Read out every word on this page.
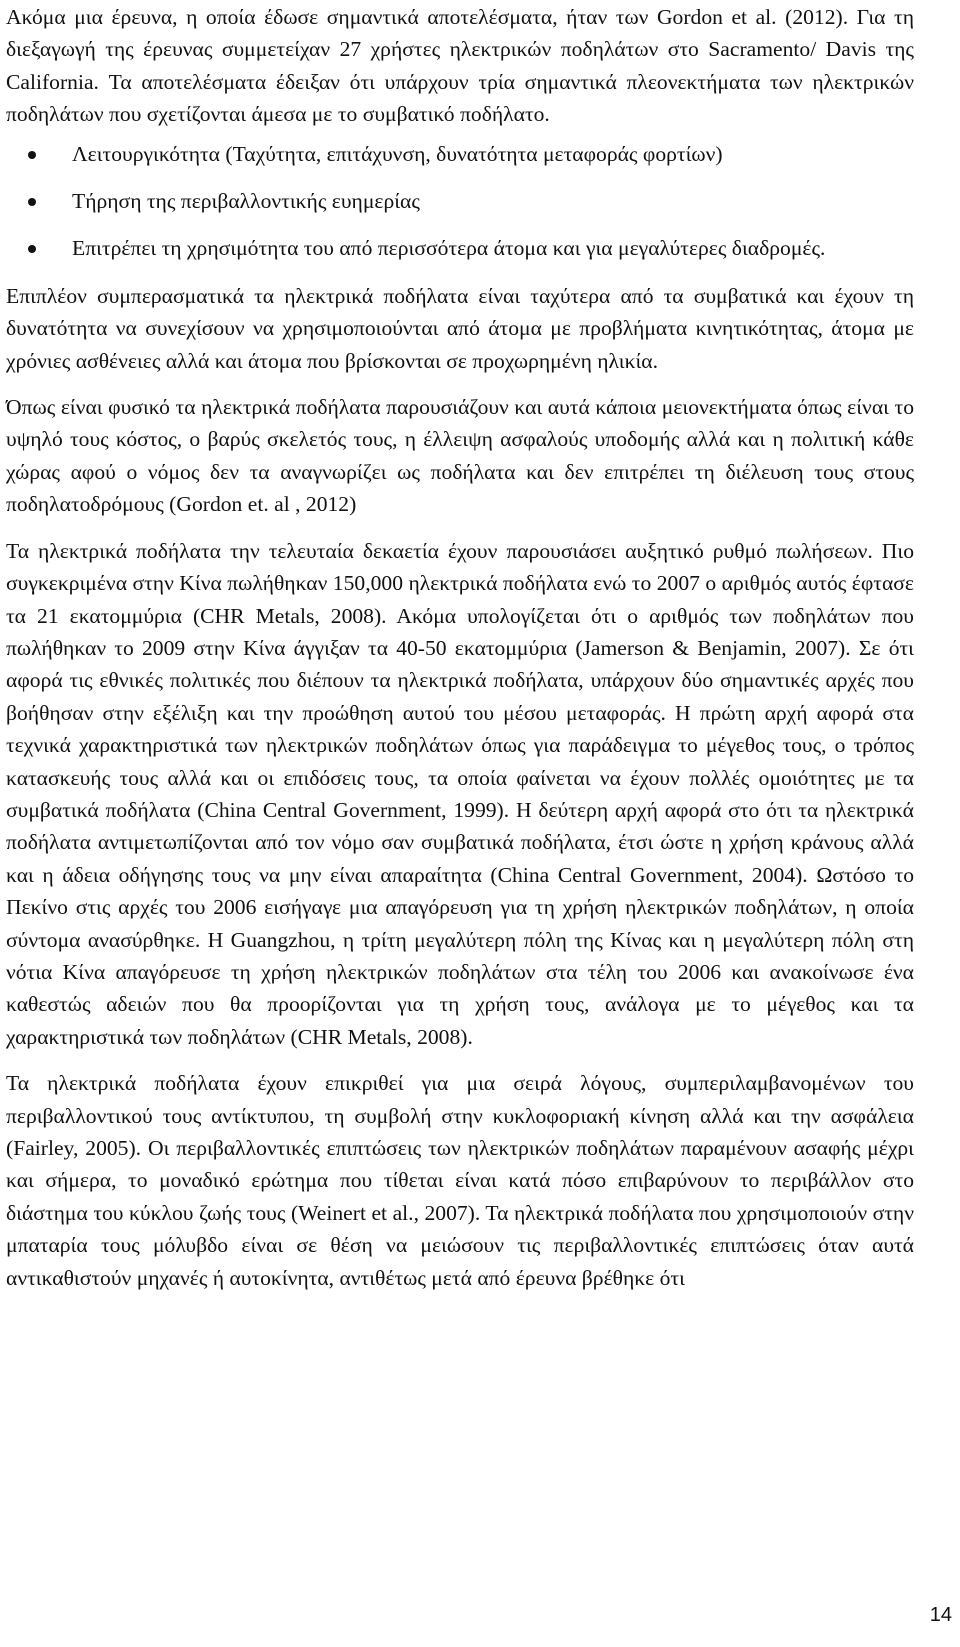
Ακόμα μια έρευνα, η οποία έδωσε σημαντικά αποτελέσματα, ήταν των Gordon et al. (2012). Για τη διεξαγωγή της έρευνας συμμετείχαν 27 χρήστες ηλεκτρικών ποδηλάτων στο Sacramento/ Davis της California. Τα αποτελέσματα έδειξαν ότι υπάρχουν τρία σημαντικά πλεονεκτήματα των ηλεκτρικών ποδηλάτων που σχετίζονται άμεσα με το συμβατικό ποδήλατο.

Λειτουργικότητα (Ταχύτητα, επιτάχυνση, δυνατότητα μεταφοράς φορτίων)
Τήρηση της περιβαλλοντικής ευημερίας
Επιτρέπει τη χρησιμότητα του από περισσότερα άτομα και για μεγαλύτερες διαδρομές.

Επιπλέον συμπερασματικά τα ηλεκτρικά ποδήλατα είναι ταχύτερα από τα συμβατικά και έχουν τη δυνατότητα να συνεχίσουν να χρησιμοποιούνται από άτομα με προβλήματα κινητικότητας, άτομα με χρόνιες ασθένειες αλλά και άτομα που βρίσκονται σε προχωρημένη ηλικία.

Όπως είναι φυσικό τα ηλεκτρικά ποδήλατα παρουσιάζουν και αυτά κάποια μειονεκτήματα όπως είναι το υψηλό τους κόστος, ο βαρύς σκελετός τους, η έλλειψη ασφαλούς υποδομής αλλά και η πολιτική κάθε χώρας αφού ο νόμος δεν τα αναγνωρίζει ως ποδήλατα και δεν επιτρέπει τη διέλευση τους στους ποδηλατοδρόμους (Gordon et. al , 2012)

Τα ηλεκτρικά ποδήλατα την τελευταία δεκαετία έχουν παρουσιάσει αυξητικό ρυθμό πωλήσεων. Πιο συγκεκριμένα στην Κίνα πωλήθηκαν 150,000 ηλεκτρικά ποδήλατα ενώ το 2007 ο αριθμός αυτός έφτασε τα 21 εκατομμύρια (CHR Metals, 2008). Ακόμα υπολογίζεται ότι ο αριθμός των ποδηλάτων που πωλήθηκαν το 2009 στην Κίνα άγγιξαν τα 40-50 εκατομμύρια (Jamerson & Benjamin, 2007). Σε ότι αφορά τις εθνικές πολιτικές που διέπουν τα ηλεκτρικά ποδήλατα, υπάρχουν δύο σημαντικές αρχές που βοήθησαν στην εξέλιξη και την προώθηση αυτού του μέσου μεταφοράς. Η πρώτη αρχή αφορά στα τεχνικά χαρακτηριστικά των ηλεκτρικών ποδηλάτων όπως για παράδειγμα το μέγεθος τους, ο τρόπος κατασκευής τους αλλά και οι επιδόσεις τους, τα οποία φαίνεται να έχουν πολλές ομοιότητες με τα συμβατικά ποδήλατα (China Central Government, 1999). Η δεύτερη αρχή αφορά στο ότι τα ηλεκτρικά ποδήλατα αντιμετωπίζονται από τον νόμο σαν συμβατικά ποδήλατα, έτσι ώστε η χρήση κράνους αλλά και η άδεια οδήγησης τους να μην είναι απαραίτητα (China Central Government, 2004). Ωστόσο το Πεκίνο στις αρχές του 2006 εισήγαγε μια απαγόρευση για τη χρήση ηλεκτρικών ποδηλάτων, η οποία σύντομα ανασύρθηκε. Η Guangzhou, η τρίτη μεγαλύτερη πόλη της Κίνας και η μεγαλύτερη πόλη στη νότια Κίνα απαγόρευσε τη χρήση ηλεκτρικών ποδηλάτων στα τέλη του 2006 και ανακοίνωσε ένα καθεστώς αδειών που θα προορίζονται για τη χρήση τους, ανάλογα με το μέγεθος και τα χαρακτηριστικά των ποδηλάτων (CHR Metals, 2008).

Τα ηλεκτρικά ποδήλατα έχουν επικριθεί για μια σειρά λόγους, συμπεριλαμβανομένων του περιβαλλοντικού τους αντίκτυπου, τη συμβολή στην κυκλοφοριακή κίνηση αλλά και την ασφάλεια (Fairley, 2005). Οι περιβαλλοντικές επιπτώσεις των ηλεκτρικών ποδηλάτων παραμένουν ασαφής μέχρι και σήμερα, το μοναδικό ερώτημα που τίθεται είναι κατά πόσο επιβαρύνουν το περιβάλλον στο διάστημα του κύκλου ζωής τους (Weinert et al., 2007). Τα ηλεκτρικά ποδήλατα που χρησιμοποιούν στην μπαταρία τους μόλυβδο είναι σε θέση να μειώσουν τις περιβαλλοντικές επιπτώσεις όταν αυτά αντικαθιστούν μηχανές ή αυτοκίνητα, αντιθέτως μετά από έρευνα βρέθηκε ότι

14
